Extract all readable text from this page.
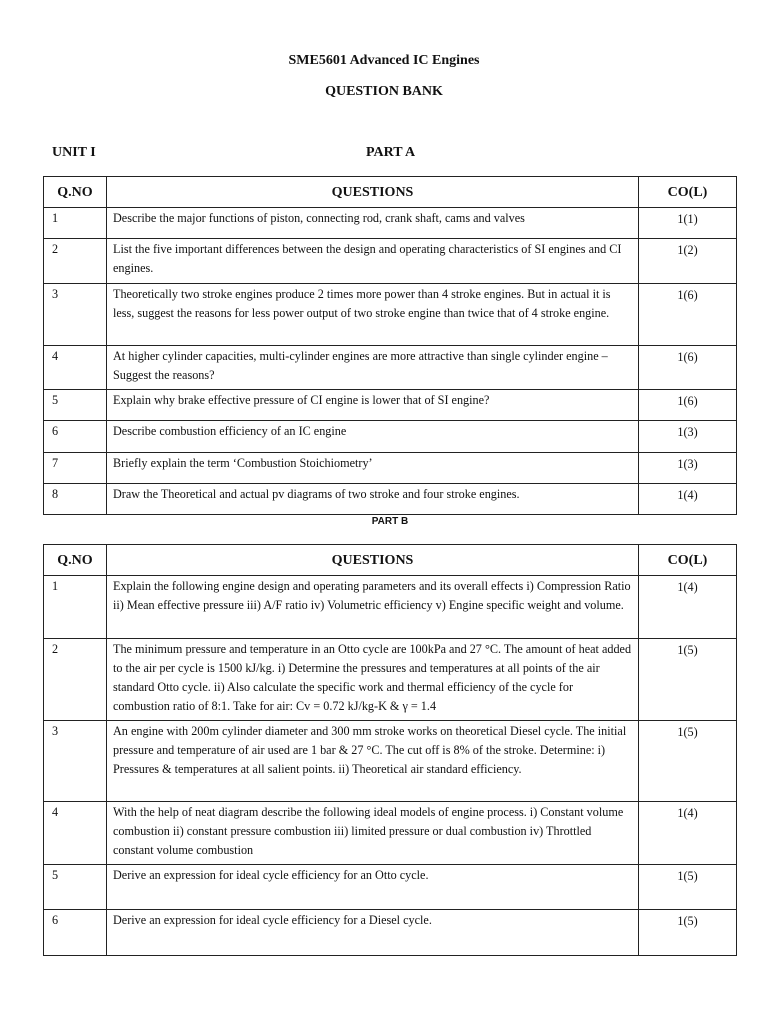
SME5601 Advanced IC Engines
QUESTION BANK
UNIT I	PART A
Q.NO	QUESTIONS	CO(L)
1	Describe the major functions of piston, connecting rod, crank shaft, cams and valves	1(1)
2	List the five important differences between the design and operating characteristics of SI engines and CI engines.	1(2)
3	Theoretically two stroke engines produce 2 times more power than 4 stroke engines. But in actual it is less, suggest the reasons for less power output of two stroke engine than twice that of 4 stroke engine.	1(6)
4	At higher cylinder capacities, multi-cylinder engines are more attractive than single cylinder engine – Suggest the reasons?	1(6)
5	Explain why brake effective pressure of CI engine is lower that of SI engine?	1(6)
6	Describe combustion efficiency of an IC engine	1(3)
7	Briefly explain the term ‘Combustion Stoichiometry’	1(3)
8	Draw the Theoretical and actual pv diagrams of two stroke and four stroke engines.	1(4)
PART B
Q.NO	QUESTIONS	CO(L)
1	Explain the following engine design and operating parameters and its overall effects i) Compression Ratio ii) Mean effective pressure iii) A/F ratio iv) Volumetric efficiency v) Engine specific weight and volume.	1(4)
2	The minimum pressure and temperature in an Otto cycle are 100kPa and 27 °C. The amount of heat added to the air per cycle is 1500 kJ/kg. i) Determine the pressures and temperatures at all points of the air standard Otto cycle. ii) Also calculate the specific work and thermal efficiency of the cycle for combustion ratio of 8:1. Take for air: Cv = 0.72 kJ/kg-K & γ = 1.4	1(5)
3	An engine with 200m cylinder diameter and 300 mm stroke works on theoretical Diesel cycle. The initial pressure and temperature of air used are 1 bar & 27 °C. The cut off is 8% of the stroke. Determine: i) Pressures & temperatures at all salient points. ii) Theoretical air standard efficiency.	1(5)
4	With the help of neat diagram describe the following ideal models of engine process. i) Constant volume combustion ii) constant pressure combustion iii) limited pressure or dual combustion iv) Throttled constant volume combustion	1(4)
5	Derive an expression for ideal cycle efficiency for an Otto cycle.	1(5)
6	Derive an expression for ideal cycle efficiency for a Diesel cycle.	1(5)
